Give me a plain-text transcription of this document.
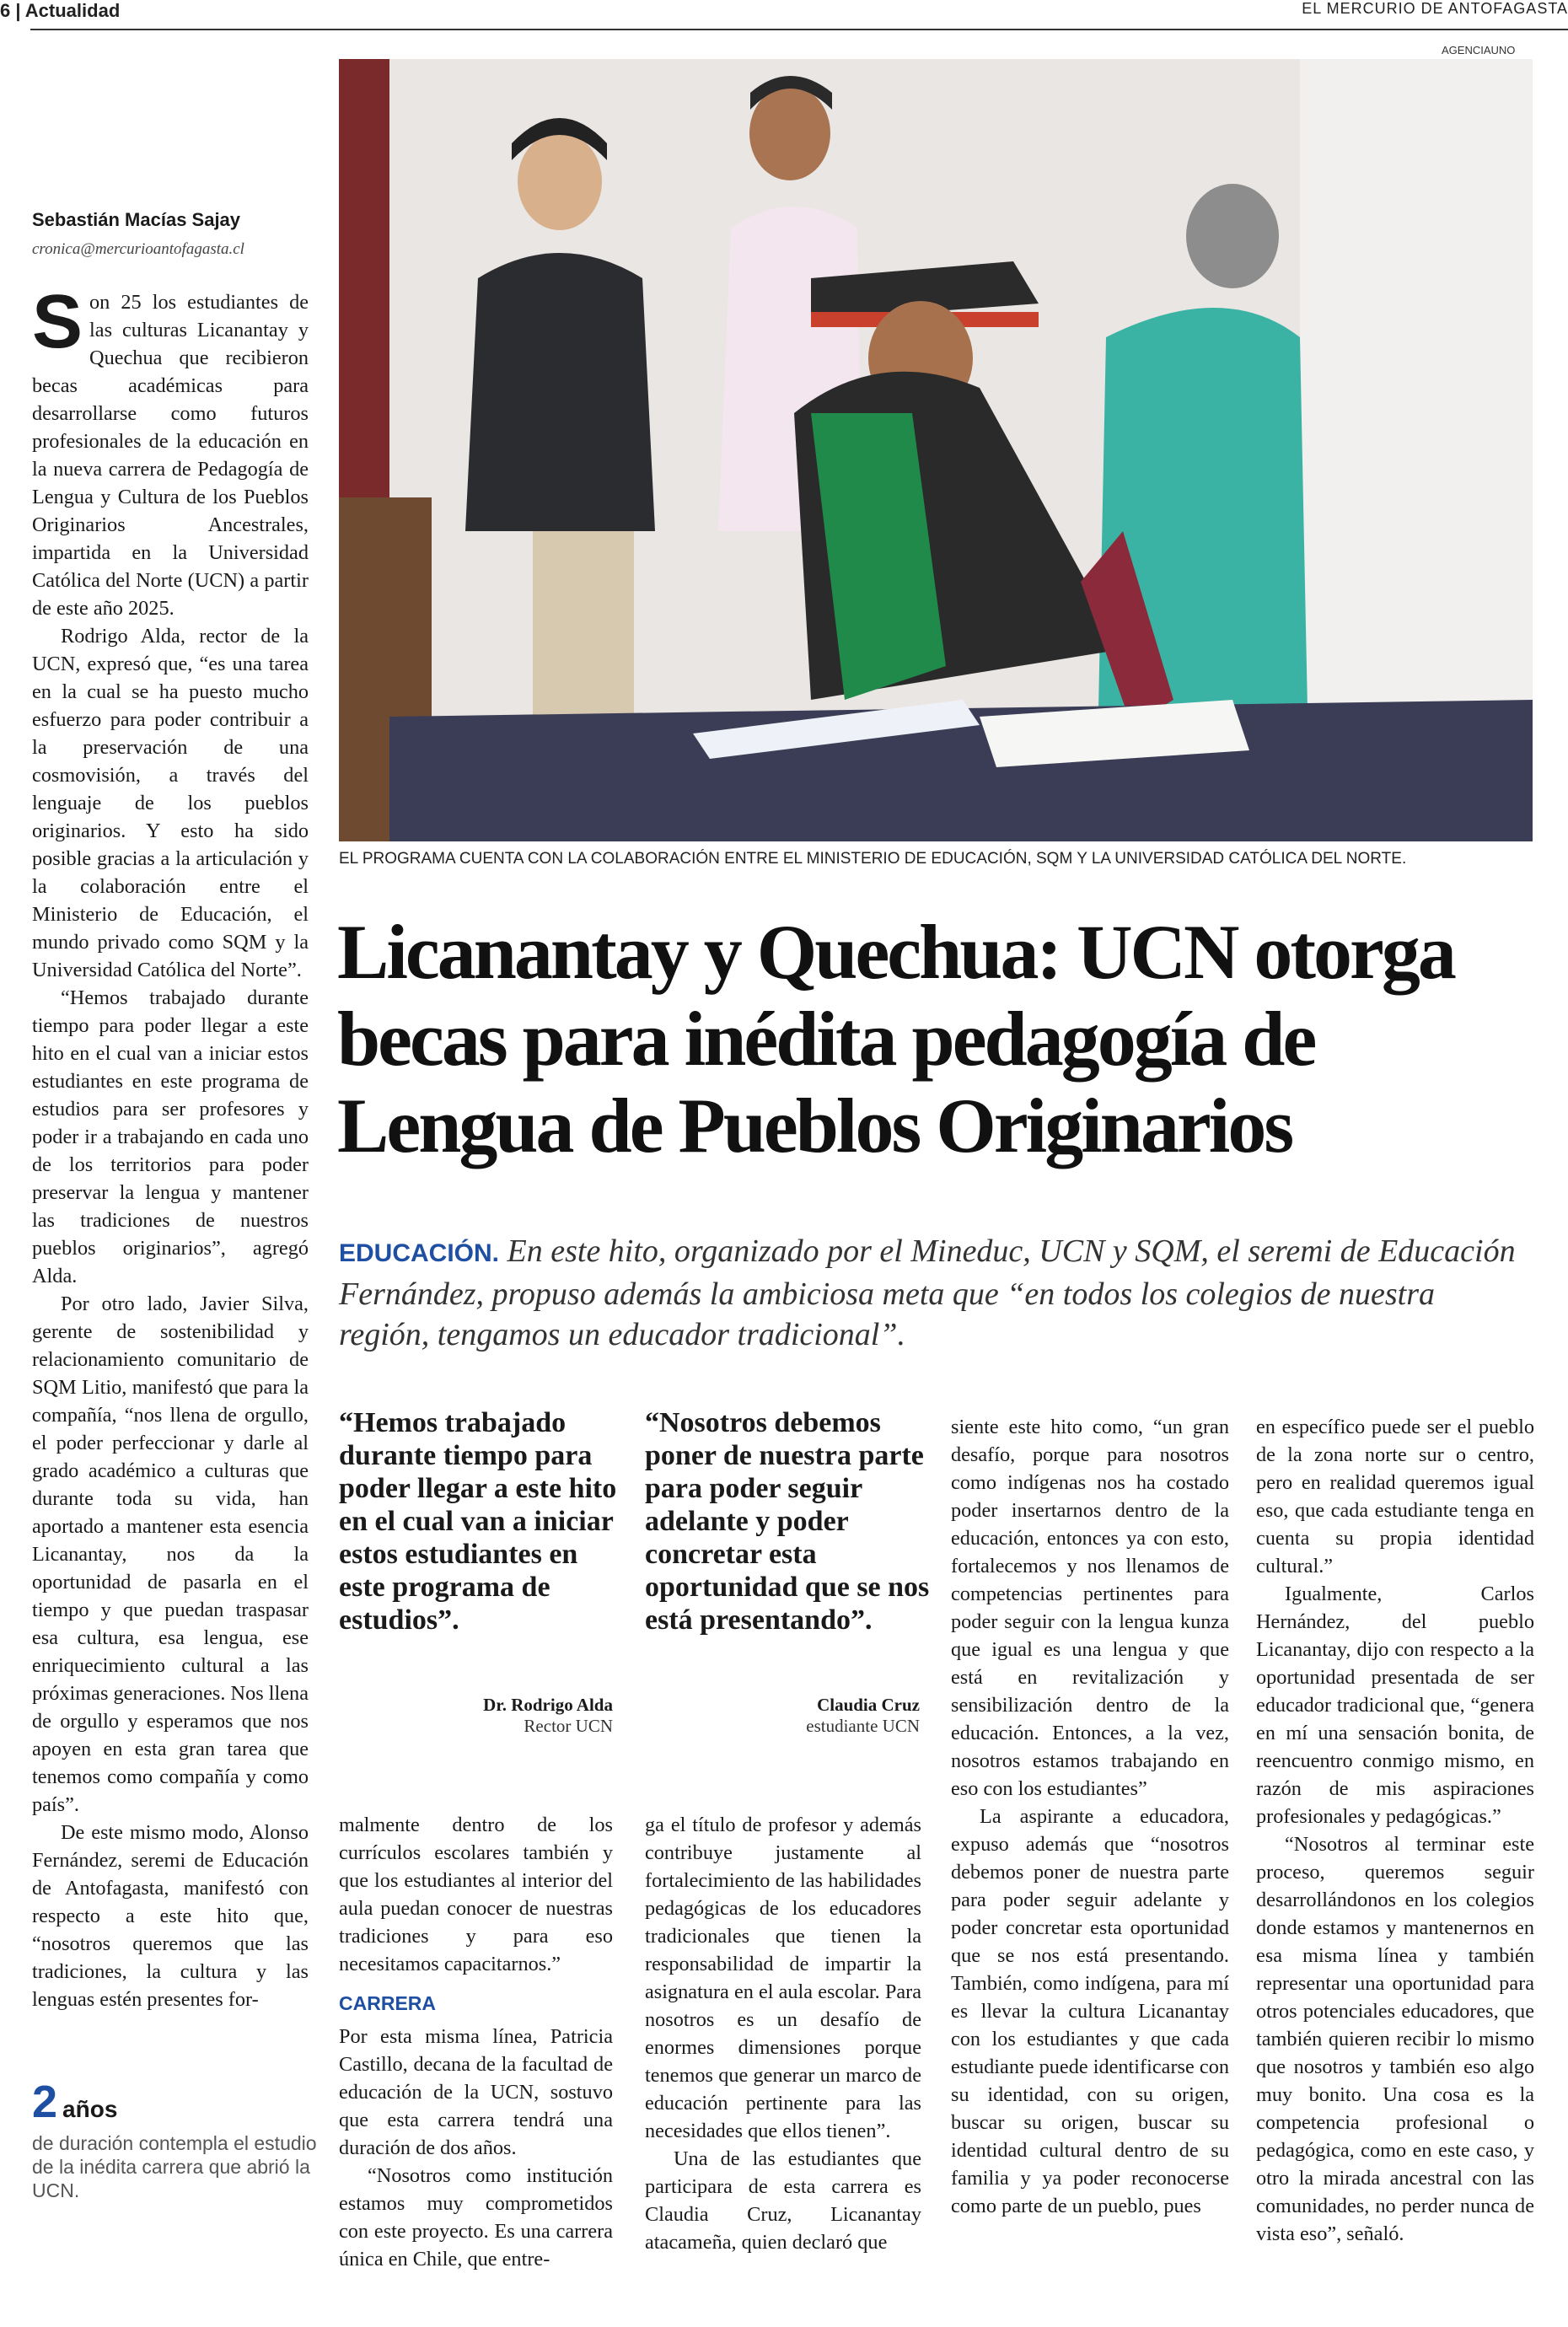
6 | Actualidad	EL MERCURIO DE ANTOFAGASTA
AGENCIAUNO
EL PROGRAMA CUENTA CON LA COLABORACIÓN ENTRE EL MINISTERIO DE EDUCACIÓN, SQM Y LA UNIVERSIDAD CATÓLICA DEL NORTE.
Sebastián Macías Sajay
cronica@mercurioantofagasta.cl

Son 25 los estudiantes de las culturas Licanantay y Quechua que recibieron becas académicas para desarrollarse como futuros profesionales de la educación en la nueva carrera de Pedagogía de Lengua y Cultura de los Pueblos Originarios Ancestrales, impartida en la Universidad Católica del Norte (UCN) a partir de este año 2025.

Rodrigo Alda, rector de la UCN, expresó que, “es una tarea en la cual se ha puesto mucho esfuerzo para poder contribuir a la preservación de una cosmovisión, a través del lenguaje de los pueblos originarios. Y esto ha sido posible gracias a la articulación y la colaboración entre el Ministerio de Educación, el mundo privado como SQM y la Universidad Católica del Norte”.

“Hemos trabajado durante tiempo para poder llegar a este hito en el cual van a iniciar estos estudiantes en este programa de estudios para ser profesores y poder ir a trabajando en cada uno de los territorios para poder preservar la lengua y mantener las tradiciones de nuestros pueblos originarios”, agregó Alda.

Por otro lado, Javier Silva, gerente de sostenibilidad y relacionamiento comunitario de SQM Litio, manifestó que para la compañía, “nos llena de orgullo, el poder perfeccionar y darle al grado académico a culturas que durante toda su vida, han aportado a mantener esta esencia Licanantay, nos da la oportunidad de pasarla en el tiempo y que puedan traspasar esa cultura, esa lengua, ese enriquecimiento cultural a las próximas generaciones. Nos llena de orgullo y esperamos que nos apoyen en esta gran tarea que tenemos como compañía y como país”.

De este mismo modo, Alonso Fernández, seremi de Educación de Antofagasta, manifestó con respecto a este hito que, “nosotros queremos que las tradiciones, la cultura y las lenguas estén presentes for-

2 años
de duración contempla el estudio de la inédita carrera que abrió la UCN.
Licanantay y Quechua: UCN otorga becas para inédita pedagogía de Lengua de Pueblos Originarios
EDUCACIÓN. En este hito, organizado por el Mineduc, UCN y SQM, el seremi de Educación Fernández, propuso además la ambiciosa meta que “en todos los colegios de nuestra región, tengamos un educador tradicional”.
“Hemos trabajado durante tiempo para poder llegar a este hito en el cual van a iniciar estos estudiantes en este programa de estudios”.
Dr. Rodrigo Alda
Rector UCN
“Nosotros debemos poner de nuestra parte para poder seguir adelante y poder concretar esta oportunidad que se nos está presentando”.
Claudia Cruz
estudiante UCN

malmente dentro de los currículos escolares también y que los estudiantes al interior del aula puedan conocer de nuestras tradiciones y para eso necesitamos capacitarnos.”

CARRERA

Por esta misma línea, Patricia Castillo, decana de la facultad de educación de la UCN, sostuvo que esta carrera tendrá una duración de dos años.

“Nosotros como institución estamos muy comprometidos con este proyecto. Es una carrera única en Chile, que entre-

ga el título de profesor y además contribuye justamente al fortalecimiento de las habilidades pedagógicas de los educadores tradicionales que tienen la responsabilidad de impartir la asignatura en el aula escolar. Para nosotros es un desafío de enormes dimensiones porque tenemos que generar un marco de educación pertinente para las necesidades que ellos tienen”.

Una de las estudiantes que participara de esta carrera es Claudia Cruz, Licanantay atacameña, quien declaró que

siente este hito como, “un gran desafío, porque para nosotros como indígenas nos ha costado poder insertarnos dentro de la educación, entonces ya con esto, fortalecemos y nos llenamos de competencias pertinentes para poder seguir con la lengua kunza que igual es una lengua y que está en revitalización y sensibilización dentro de la educación. Entonces, a la vez, nosotros estamos trabajando en eso con los estudiantes”

La aspirante a educadora, expuso además que “nosotros debemos poner de nuestra parte para poder seguir adelante y poder concretar esta oportunidad que se nos está presentando. También, como indígena, para mí es llevar la cultura Licanantay con los estudiantes y que cada estudiante puede identificarse con su identidad, con su origen, buscar su origen, buscar su identidad cultural dentro de su familia y ya poder reconocerse como parte de un pueblo, pues

en específico puede ser el pueblo de la zona norte sur o centro, pero en realidad queremos igual eso, que cada estudiante tenga en cuenta su propia identidad cultural.”

Igualmente, Carlos Hernández, del pueblo Licanantay, dijo con respecto a la oportunidad presentada de ser educador tradicional que, “genera en mí una sensación bonita, de reencuentro conmigo mismo, en razón de mis aspiraciones profesionales y pedagógicas.”

“Nosotros al terminar este proceso, queremos seguir desarrollándonos en los colegios donde estamos y mantenernos en esa misma línea y también representar una oportunidad para otros potenciales educadores, que también quieren recibir lo mismo que nosotros y también eso algo muy bonito. Una cosa es la competencia profesional o pedagógica, como en este caso, y otro la mirada ancestral con las comunidades, no perder nunca de vista eso”, señaló.
